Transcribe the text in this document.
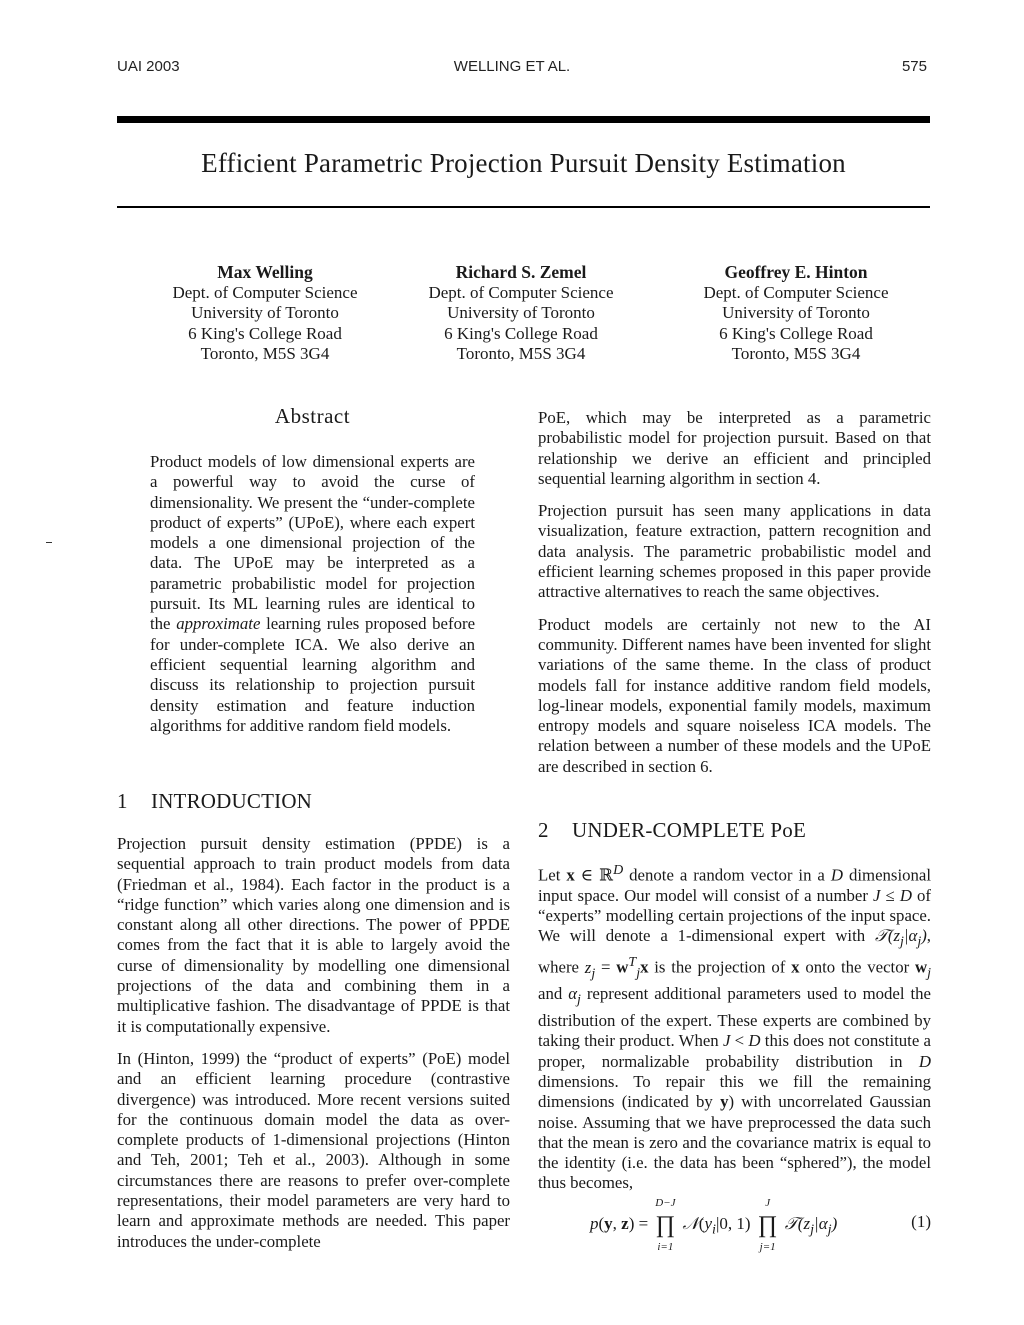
UAI 2003	WELLING ET AL.	575
Efficient Parametric Projection Pursuit Density Estimation
Max Welling
Dept. of Computer Science
University of Toronto
6 King's College Road
Toronto, M5S 3G4
Richard S. Zemel
Dept. of Computer Science
University of Toronto
6 King's College Road
Toronto, M5S 3G4
Geoffrey E. Hinton
Dept. of Computer Science
University of Toronto
6 King's College Road
Toronto, M5S 3G4
Abstract

Product models of low dimensional experts are a powerful way to avoid the curse of dimensionality. We present the “under-complete product of experts” (UPoE), where each expert models a one dimensional projection of the data. The UPoE may be interpreted as a parametric probabilistic model for projection pursuit. Its ML learning rules are identical to the approximate learning rules proposed before for under-complete ICA. We also derive an efficient sequential learning algorithm and discuss its relationship to projection pursuit density estimation and feature induction algorithms for additive random field models.

1 INTRODUCTION

Projection pursuit density estimation (PPDE) is a sequential approach to train product models from data (Friedman et al., 1984). Each factor in the product is a “ridge function” which varies along one dimension and is constant along all other directions. The power of PPDE comes from the fact that it is able to largely avoid the curse of dimensionality by modelling one dimensional projections of the data and combining them in a multiplicative fashion. The disadvantage of PPDE is that it is computationally expensive.

In (Hinton, 1999) the “product of experts” (PoE) model and an efficient learning procedure (contrastive divergence) was introduced. More recent versions suited for the continuous domain model the data as over-complete products of 1-dimensional projections (Hinton and Teh, 2001; Teh et al., 2003). Although in some circumstances there are reasons to prefer over-complete representations, their model parameters are very hard to learn and approximate methods are needed. This paper introduces the under-complete

PoE, which may be interpreted as a parametric probabilistic model for projection pursuit. Based on that relationship we derive an efficient and principled sequential learning algorithm in section 4.

Projection pursuit has seen many applications in data visualization, feature extraction, pattern recognition and data analysis. The parametric probabilistic model and efficient learning schemes proposed in this paper provide attractive alternatives to reach the same objectives.

Product models are certainly not new to the AI community. Different names have been invented for slight variations of the same theme. In the class of product models fall for instance additive random field models, log-linear models, exponential family models, maximum entropy models and square noiseless ICA models. The relation between a number of these models and the UPoE are described in section 6.

2 UNDER-COMPLETE PoE

Let x ∈ ℝ$^D$ denote a random vector in a D dimensional input space. Our model will consist of a number J ≤ D of “experts” modelling certain projections of the input space. We will denote a 1-dimensional expert with $𝒯(z_j|\alpha_j)$, where $z_j = w^T_jx$ is the projection of x onto the vector $w_j$ and $\alpha_j$ represent additional parameters used to model the distribution of the expert. These experts are combined by taking their product. When J < D this does not constitute a proper, normalizable probability distribution in D dimensions. To repair this we fill the remaining dimensions (indicated by y) with uncorrelated Gaussian noise. Assuming that we have preprocessed the data such that the mean is zero and the covariance matrix is equal to the identity (i.e. the data has been “sphered”), the model thus becomes,

p(y, z) = ∏
D−J
i=1
$𝒩(y_i|0$, 1) ∏
J
j=1
$𝒯(z_j|\alpha_j)$	(1)
